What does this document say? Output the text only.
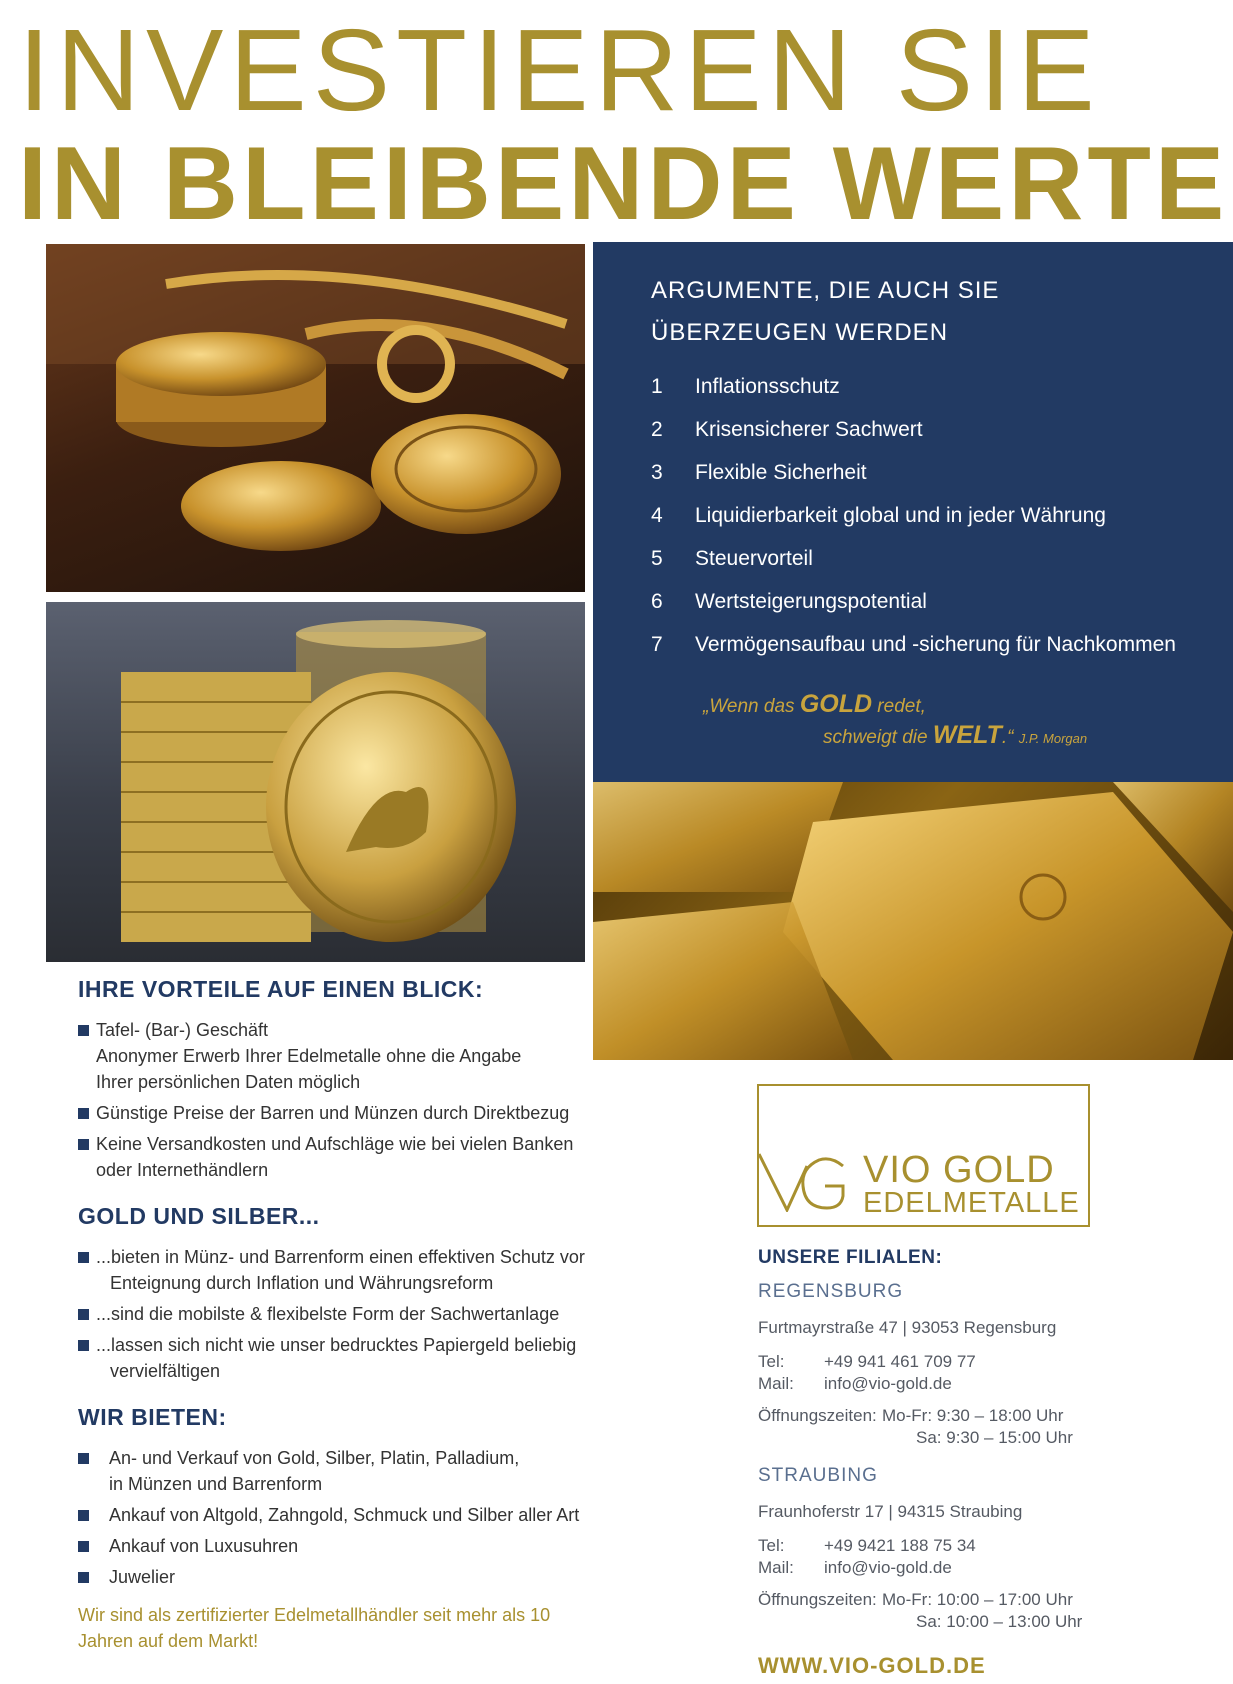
INVESTIEREN SIE
IN BLEIBENDE WERTE
ARGUMENTE, DIE AUCH SIE
ÜBERZEUGEN WERDEN
1	Inflationsschutz
2	Krisensicherer Sachwert
3	Flexible Sicherheit
4	Liquidierbarkeit global und in jeder Währung
5	Steuervorteil
6	Wertsteigerungspotential
7	Vermögensaufbau und -sicherung für Nachkommen
„Wenn das GOLD redet,
schweigt die WELT.“ J.P. Morgan
IHRE VORTEILE AUF EINEN BLICK:
Tafel- (Bar-) Geschäft
Anonymer Erwerb Ihrer Edelmetalle ohne die Angabe
Ihrer persönlichen Daten möglich
Günstige Preise der Barren und Münzen durch Direktbezug
Keine Versandkosten und Aufschläge wie bei vielen Banken
oder Internethändlern
GOLD UND SILBER...
...bieten in Münz- und Barrenform einen effektiven Schutz vor
Enteignung durch Inflation und Währungsreform
...sind die mobilste & flexibelste Form der Sachwertanlage
...lassen sich nicht wie unser bedrucktes Papiergeld beliebig
vervielfältigen
WIR BIETEN:
An- und Verkauf von Gold, Silber, Platin, Palladium,
in Münzen und Barrenform
Ankauf von Altgold, Zahngold, Schmuck und Silber aller Art
Ankauf von Luxusuhren
Juwelier

Wir sind als zertifizierter Edelmetallhändler seit mehr als 10 Jahren auf dem Markt!

VIO GOLD
EDELMETALLE
UNSERE FILIALEN:
REGENSBURG
Furtmayrstraße 47 | 93053 Regensburg
Tel:	+49 941 461 709 77
Mail:	info@vio-gold.de
Öffnungszeiten: Mo-Fr: 9:30 – 18:00 Uhr
Sa: 9:30 – 15:00 Uhr
STRAUBING
Fraunhoferstr 17 | 94315 Straubing
Tel:	+49 9421 188 75 34
Mail:	info@vio-gold.de
Öffnungszeiten: Mo-Fr: 10:00 – 17:00 Uhr
Sa: 10:00 – 13:00 Uhr
WWW.VIO-GOLD.DE
